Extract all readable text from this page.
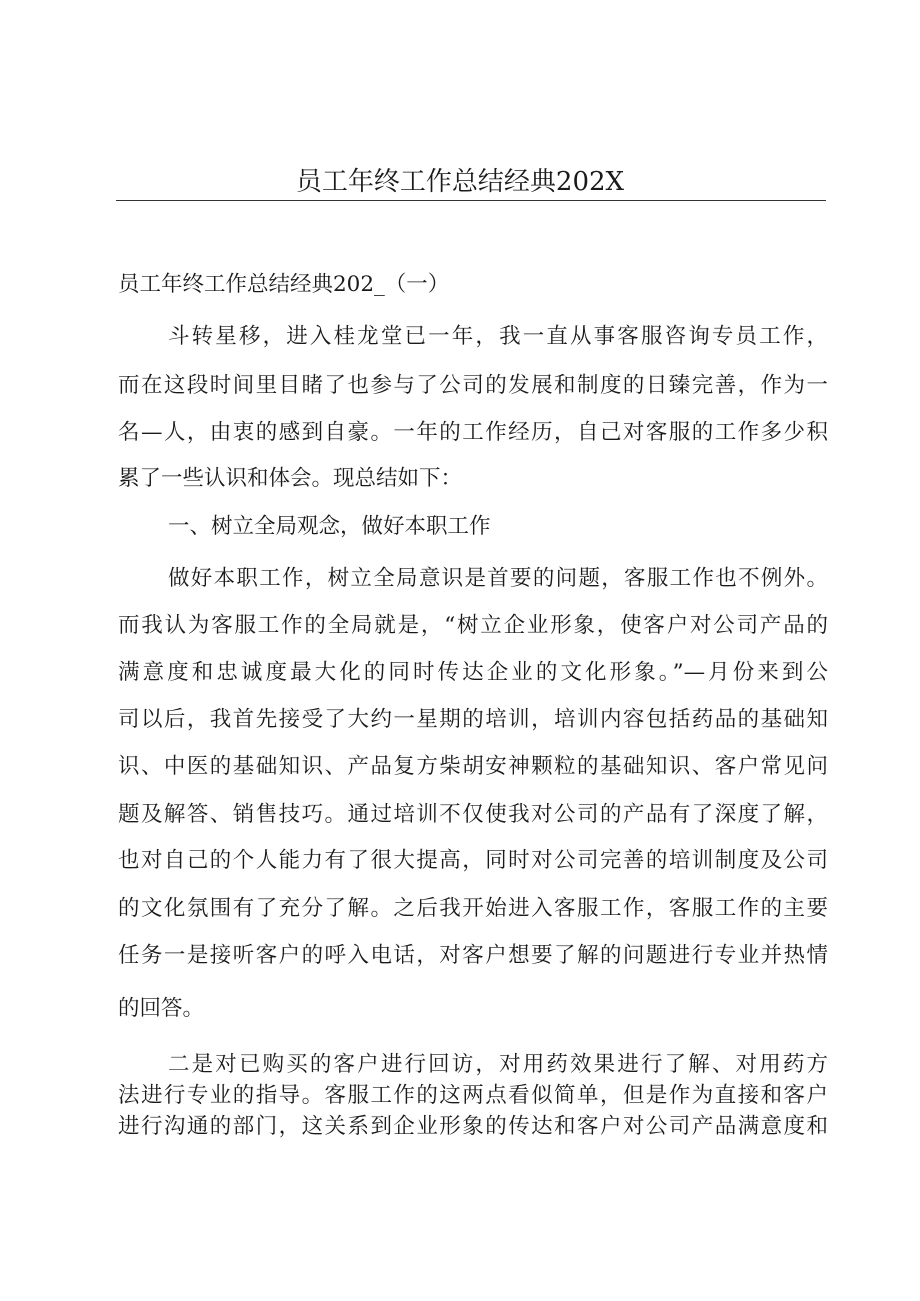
员工年终工作总结经典202X
员工年终工作总结经典202_（一）
斗转星移，进入桂龙堂已一年，我一直从事客服咨询专员工作，
而在这段时间里目睹了也参与了公司的发展和制度的日臻完善，作为一
名—人，由衷的感到自豪。一年的工作经历，自己对客服的工作多少积
累了一些认识和体会。现总结如下：
一、树立全局观念，做好本职工作
做好本职工作，树立全局意识是首要的问题，客服工作也不例外。
而我认为客服工作的全局就是，“树立企业形象，使客户对公司产品的
满意度和忠诚度最大化的同时传达企业的文化形象。”—月份来到公
司以后，我首先接受了大约一星期的培训，培训内容包括药品的基础知
识、中医的基础知识、产品复方柴胡安神颗粒的基础知识、客户常见问
题及解答、销售技巧。通过培训不仅使我对公司的产品有了深度了解，
也对自己的个人能力有了很大提高，同时对公司完善的培训制度及公司
的文化氛围有了充分了解。之后我开始进入客服工作，客服工作的主要
任务一是接听客户的呼入电话，对客户想要了解的问题进行专业并热情
的回答。
二是对已购买的客户进行回访，对用药效果进行了解、对用药方
法进行专业的指导。客服工作的这两点看似简单，但是作为直接和客户
进行沟通的部门，这关系到企业形象的传达和客户对公司产品满意度和
